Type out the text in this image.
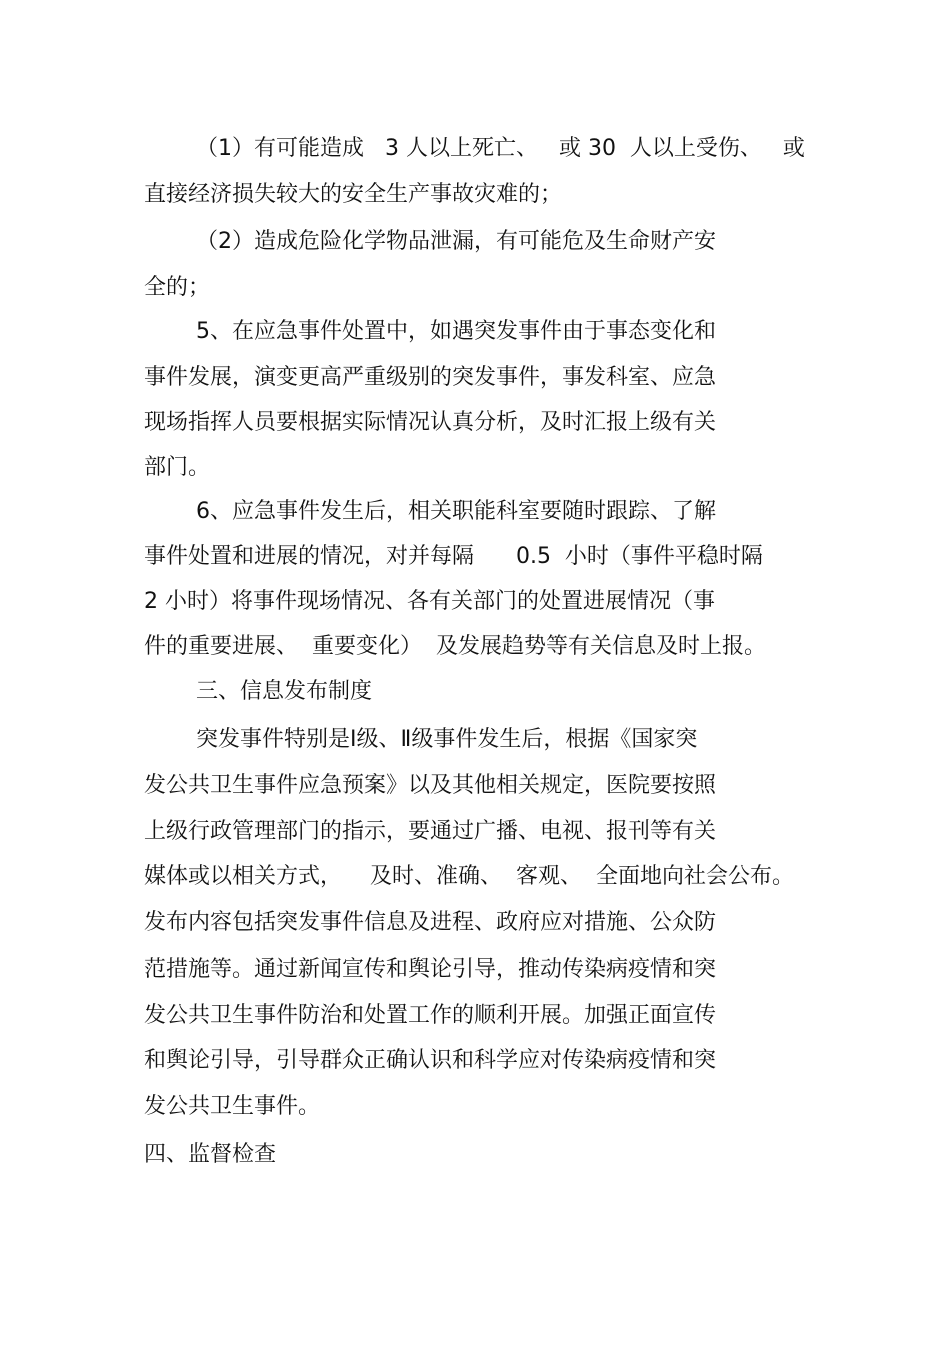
（1）有可能造成   3 人以上死亡、   或 30  人以上受伤、   或
直接经济损失较大的安全生产事故灾难的；
（2）造成危险化学物品泄漏，有可能危及生命财产安
全的；
5、在应急事件处置中，如遇突发事件由于事态变化和
事件发展，演变更高严重级别的突发事件，事发科室、应急
现场指挥人员要根据实际情况认真分析，及时汇报上级有关
部门。
6、应急事件发生后，相关职能科室要随时跟踪、了解
事件处置和进展的情况，对并每隔      0.5  小时（事件平稳时隔
2 小时）将事件现场情况、各有关部门的处置进展情况（事
件的重要进展、  重要变化）  及发展趋势等有关信息及时上报。
三、信息发布制度
突发事件特别是Ⅰ级、Ⅱ级事件发生后，根据《国家突
发公共卫生事件应急预案》以及其他相关规定，医院要按照
上级行政管理部门的指示，要通过广播、电视、报刊等有关
媒体或以相关方式，    及时、准确、  客观、  全面地向社会公布。
发布内容包括突发事件信息及进程、政府应对措施、公众防
范措施等。通过新闻宣传和舆论引导，推动传染病疫情和突
发公共卫生事件防治和处置工作的顺利开展。加强正面宣传
和舆论引导，引导群众正确认识和科学应对传染病疫情和突
发公共卫生事件。
四、监督检查
